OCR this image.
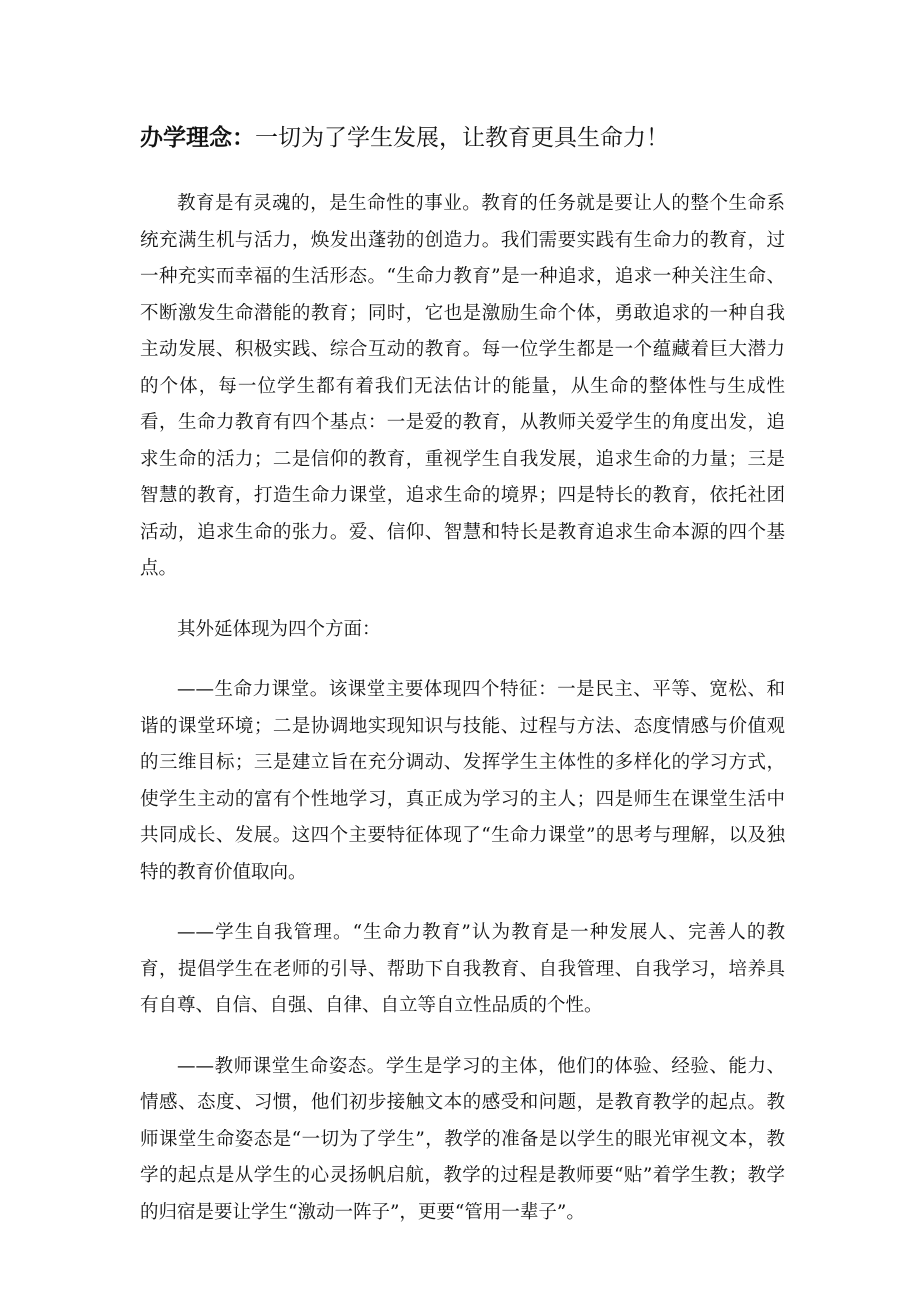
办学理念：一切为了学生发展，让教育更具生命力！

教育是有灵魂的，是生命性的事业。教育的任务就是要让人的整个生命系统充满生机与活力，焕发出蓬勃的创造力。我们需要实践有生命力的教育，过一种充实而幸福的生活形态。“生命力教育”是一种追求，追求一种关注生命、不断激发生命潜能的教育；同时，它也是激励生命个体，勇敢追求的一种自我主动发展、积极实践、综合互动的教育。每一位学生都是一个蕴藏着巨大潜力的个体，每一位学生都有着我们无法估计的能量，从生命的整体性与生成性看，生命力教育有四个基点：一是爱的教育，从教师关爱学生的角度出发，追求生命的活力；二是信仰的教育，重视学生自我发展，追求生命的力量；三是智慧的教育，打造生命力课堂，追求生命的境界；四是特长的教育，依托社团活动，追求生命的张力。爱、信仰、智慧和特长是教育追求生命本源的四个基点。

其外延体现为四个方面：

——生命力课堂。该课堂主要体现四个特征：一是民主、平等、宽松、和谐的课堂环境；二是协调地实现知识与技能、过程与方法、态度情感与价值观的三维目标；三是建立旨在充分调动、发挥学生主体性的多样化的学习方式，使学生主动的富有个性地学习，真正成为学习的主人；四是师生在课堂生活中共同成长、发展。这四个主要特征体现了“生命力课堂”的思考与理解，以及独特的教育价值取向。

——学生自我管理。“生命力教育”认为教育是一种发展人、完善人的教育，提倡学生在老师的引导、帮助下自我教育、自我管理、自我学习，培养具有自尊、自信、自强、自律、自立等自立性品质的个性。

——教师课堂生命姿态。学生是学习的主体，他们的体验、经验、能力、情感、态度、习惯，他们初步接触文本的感受和问题，是教育教学的起点。教师课堂生命姿态是“一切为了学生”，教学的准备是以学生的眼光审视文本，教学的起点是从学生的心灵扬帆启航，教学的过程是教师要“贴”着学生教；教学的归宿是要让学生“激动一阵子”，更要“管用一辈子”。
